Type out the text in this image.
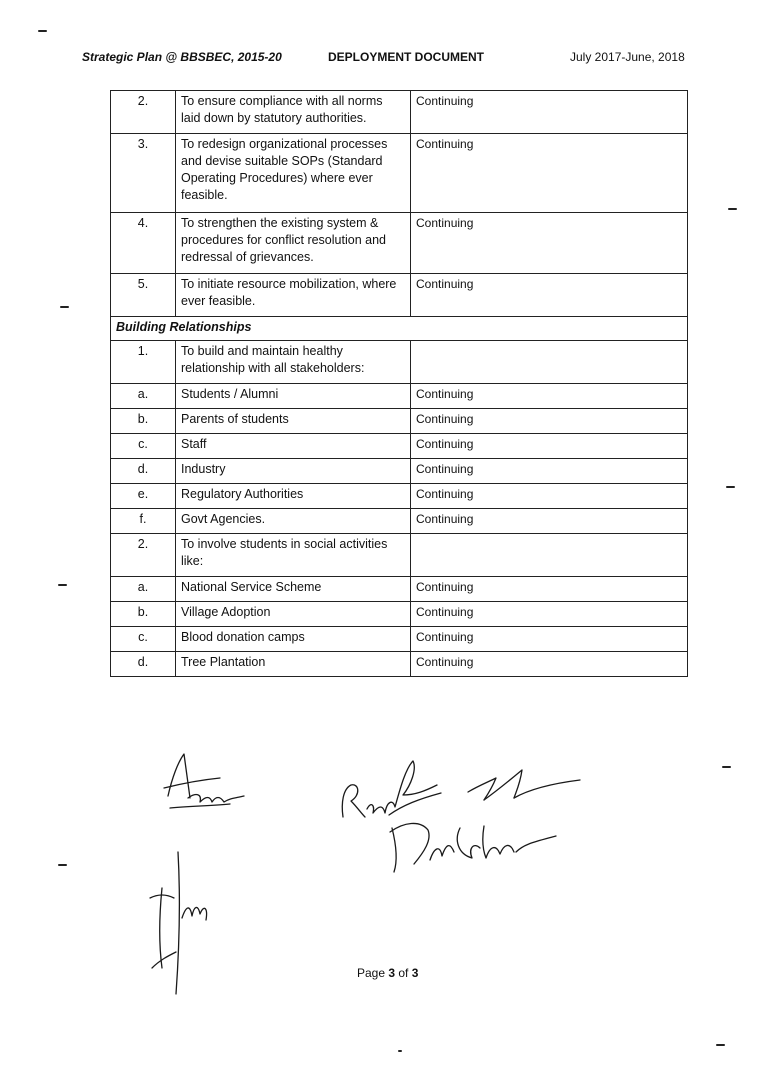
Strategic Plan @ BBSBEC, 2015-20	DEPLOYMENT DOCUMENT	July 2017-June, 2018
2.	To ensure compliance with all norms laid down by statutory authorities.	Continuing
3.	To redesign organizational processes and devise suitable SOPs (Standard Operating Procedures) where ever feasible.	Continuing
4.	To strengthen the existing system & procedures for conflict resolution and redressal of grievances.	Continuing
5.	To initiate resource mobilization, where ever feasible.	Continuing
Building Relationships		
1.	To build and maintain healthy relationship with all stakeholders:	
a.	Students / Alumni	Continuing
b.	Parents of students	Continuing
c.	Staff	Continuing
d.	Industry	Continuing
e.	Regulatory Authorities	Continuing
f.	Govt Agencies.	Continuing
2.	To involve students in social activities like:	
a.	National Service Scheme	Continuing
b.	Village Adoption	Continuing
c.	Blood donation camps	Continuing
d.	Tree Plantation	Continuing
Page 3 of 3
